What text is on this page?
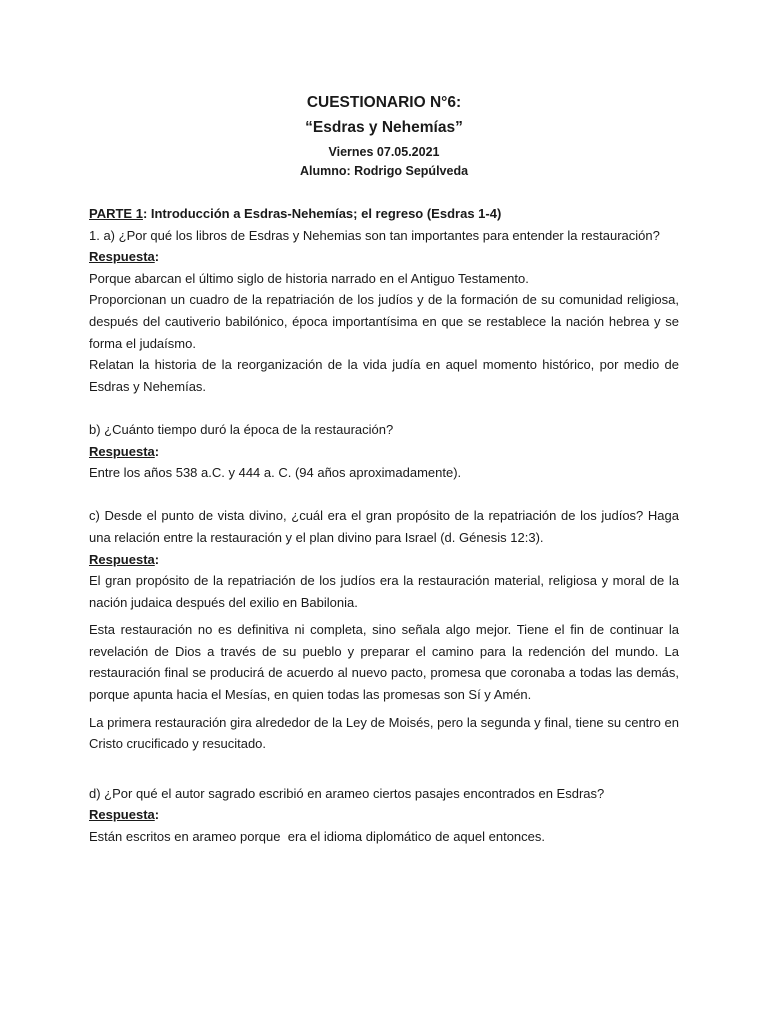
CUESTIONARIO N°6:
“Esdras y Nehemías”
Viernes 07.05.2021
Alumno: Rodrigo Sepúlveda

PARTE 1: Introducción a Esdras-Nehemías; el regreso (Esdras 1-4)

1. a) ¿Por qué los libros de Esdras y Nehemias son tan importantes para entender la restauración?

Respuesta:

Porque abarcan el último siglo de historia narrado en el Antiguo Testamento.

Proporcionan un cuadro de la repatriación de los judíos y de la formación de su comunidad religiosa, después del cautiverio babilónico, época importantísima en que se restablece la nación hebrea y se forma el judaísmo.

Relatan la historia de la reorganización de la vida judía en aquel momento histórico, por medio de Esdras y Nehemías.

b) ¿Cuánto tiempo duró la época de la restauración?

Respuesta:

Entre los años 538 a.C. y 444 a. C. (94 años aproximadamente).

c) Desde el punto de vista divino, ¿cuál era el gran propósito de la repatriación de los judíos? Haga una relación entre la restauración y el plan divino para Israel (d. Génesis 12:3).

Respuesta:

El gran propósito de la repatriación de los judíos era la restauración material, religiosa y moral de la nación judaica después del exilio en Babilonia.

Esta restauración no es definitiva ni completa, sino señala algo mejor. Tiene el fin de continuar la revelación de Dios a través de su pueblo y preparar el camino para la redención del mundo. La restauración final se producirá de acuerdo al nuevo pacto, promesa que coronaba a todas las demás, porque apunta hacia el Mesías, en quien todas las promesas son Sí y Amén.

La primera restauración gira alrededor de la Ley de Moisés, pero la segunda y final, tiene su centro en Cristo crucificado y resucitado.

d) ¿Por qué el autor sagrado escribió en arameo ciertos pasajes encontrados en Esdras?

Respuesta:

Están escritos en arameo porque  era el idioma diplomático de aquel entonces.
